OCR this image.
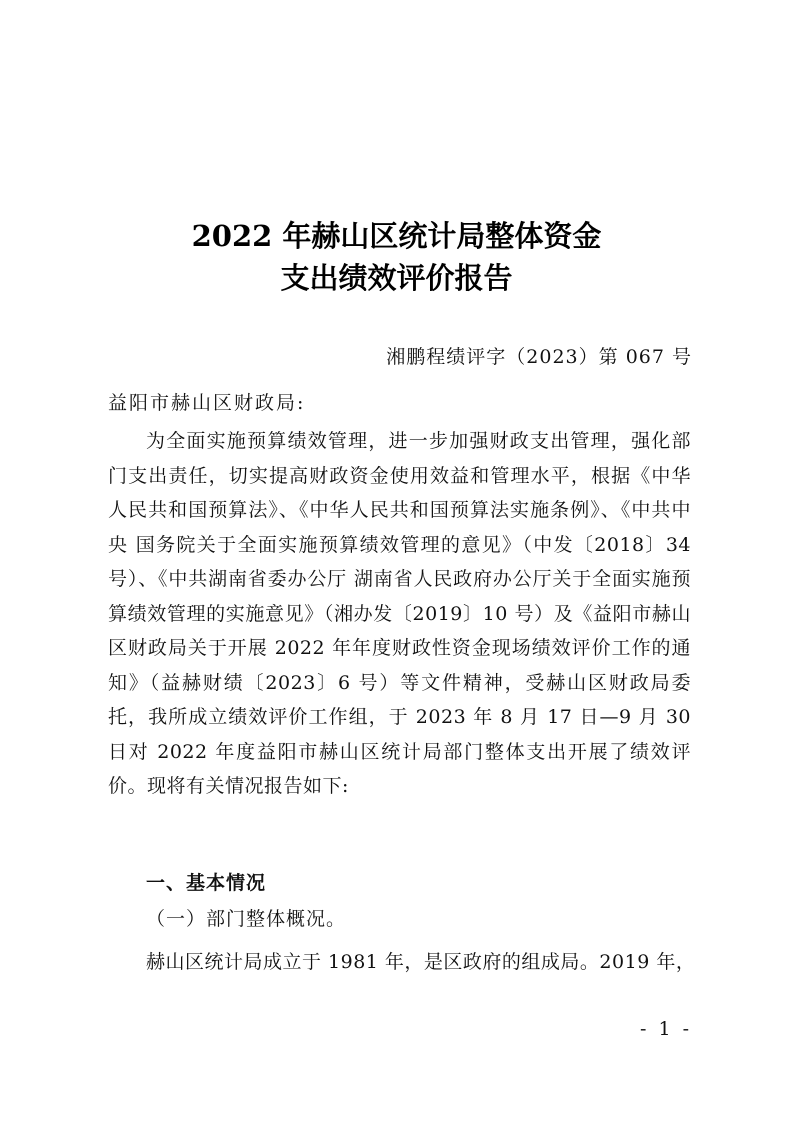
2022 年赫山区统计局整体资金
支出绩效评价报告
湘鹏程绩评字（2023）第 067 号
益阳市赫山区财政局:

为全面实施预算绩效管理，进一步加强财政支出管理，强化部门支出责任，切实提高财政资金使用效益和管理水平，根据《中华人民共和国预算法》、《中华人民共和国预算法实施条例》、《中共中央 国务院关于全面实施预算绩效管理的意见》（中发〔2018〕34 号）、《中共湖南省委办公厅 湖南省人民政府办公厅关于全面实施预算绩效管理的实施意见》（湘办发〔2019〕10 号）及《益阳市赫山区财政局关于开展 2022 年年度财政性资金现场绩效评价工作的通知》（益赫财绩〔2023〕6 号）等文件精神，受赫山区财政局委托，我所成立绩效评价工作组，于 2023 年 8 月 17 日—9 月 30 日对 2022 年度益阳市赫山区统计局部门整体支出开展了绩效评价。现将有关情况报告如下:

一、基本情况
（一）部门整体概况。
赫山区统计局成立于 1981 年，是区政府的组成局。2019 年，
- 1 -
